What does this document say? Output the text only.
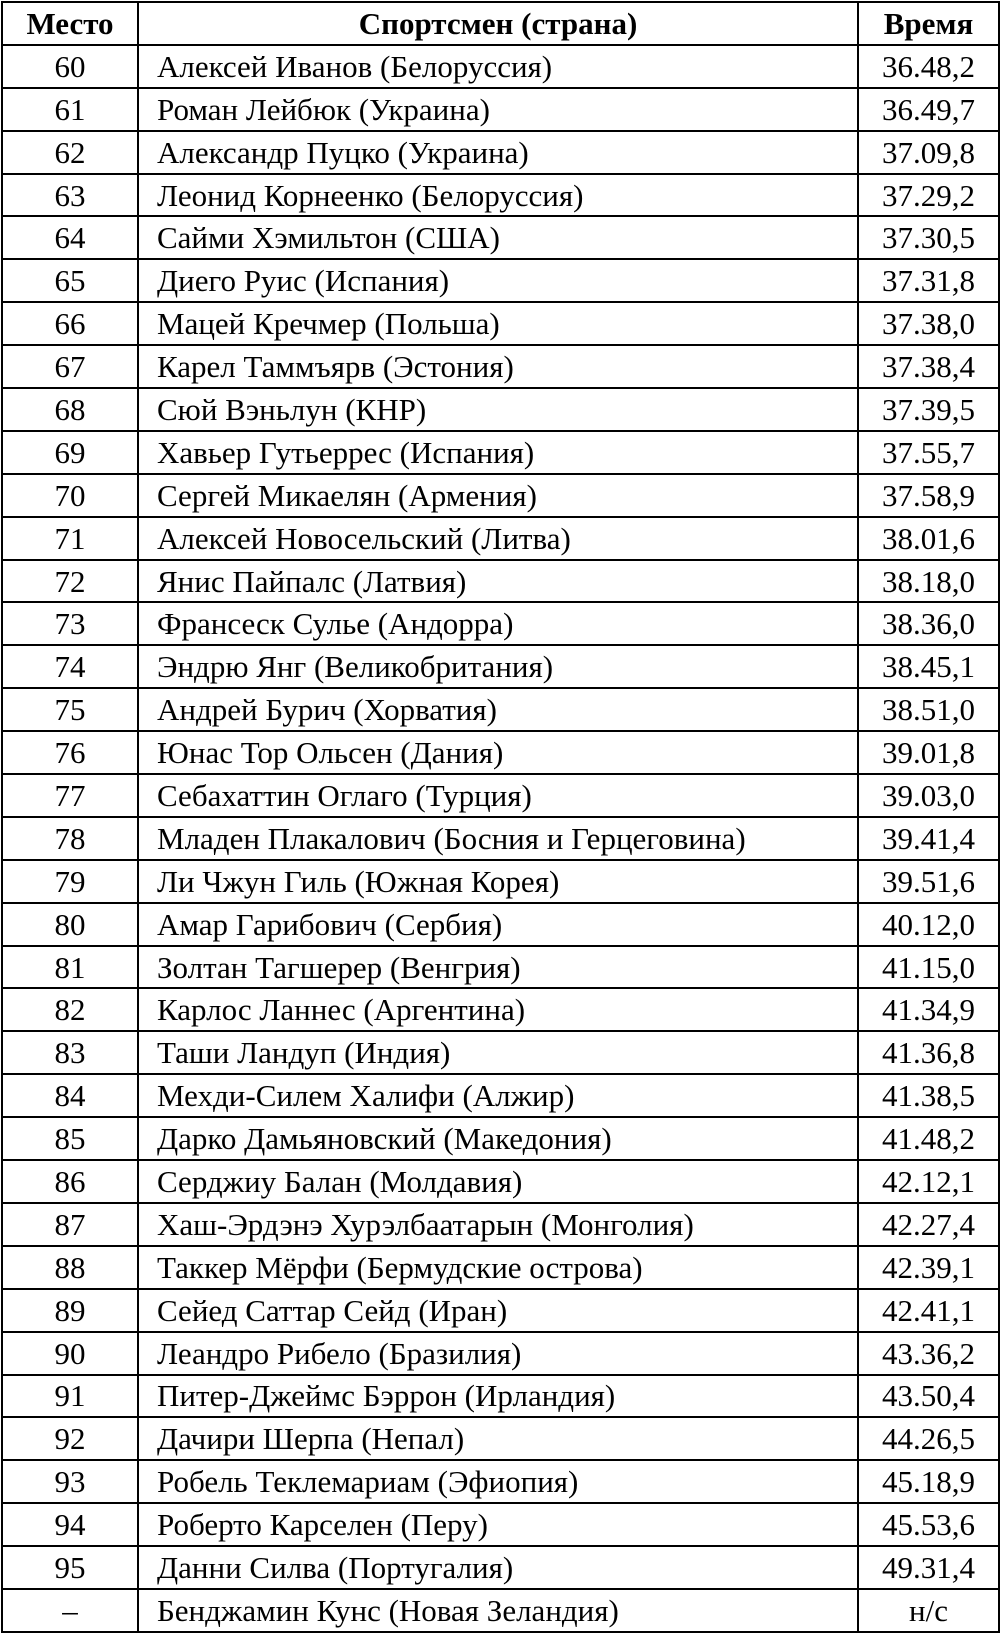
Место	Спортсмен (страна)	Время
60	Алексей Иванов (Белоруссия)	36.48,2
61	Роман Лейбюк (Украина)	36.49,7
62	Александр Пуцко (Украина)	37.09,8
63	Леонид Корнеенко (Белоруссия)	37.29,2
64	Сайми Хэмильтон (США)	37.30,5
65	Диего Руис (Испания)	37.31,8
66	Мацей Кречмер (Польша)	37.38,0
67	Карел Таммъярв (Эстония)	37.38,4
68	Сюй Вэньлун (КНР)	37.39,5
69	Хавьер Гутьеррес (Испания)	37.55,7
70	Сергей Микаелян (Армения)	37.58,9
71	Алексей Новосельский (Литва)	38.01,6
72	Янис Пайпалс (Латвия)	38.18,0
73	Франсеск Сулье (Андорра)	38.36,0
74	Эндрю Янг (Великобритания)	38.45,1
75	Андрей Бурич (Хорватия)	38.51,0
76	Юнас Тор Ольсен (Дания)	39.01,8
77	Себахаттин Оглаго (Турция)	39.03,0
78	Младен Плакалович (Босния и Герцеговина)	39.41,4
79	Ли Чжун Гиль (Южная Корея)	39.51,6
80	Амар Гарибович (Сербия)	40.12,0
81	Золтан Тагшерер (Венгрия)	41.15,0
82	Карлос Ланнес (Аргентина)	41.34,9
83	Таши Ландуп (Индия)	41.36,8
84	Мехди-Силем Халифи (Алжир)	41.38,5
85	Дарко Дамьяновский (Македония)	41.48,2
86	Серджиу Балан (Молдавия)	42.12,1
87	Хаш-Эрдэнэ Хурэлбаатарын (Монголия)	42.27,4
88	Таккер Мёрфи (Бермудские острова)	42.39,1
89	Сейед Саттар Сейд (Иран)	42.41,1
90	Леандро Рибело (Бразилия)	43.36,2
91	Питер-Джеймс Бэррон (Ирландия)	43.50,4
92	Дачири Шерпа (Непал)	44.26,5
93	Робель Теклемариам (Эфиопия)	45.18,9
94	Роберто Карселен (Перу)	45.53,6
95	Данни Силва (Португалия)	49.31,4
–	Бенджамин Кунс (Новая Зеландия)	н/с
